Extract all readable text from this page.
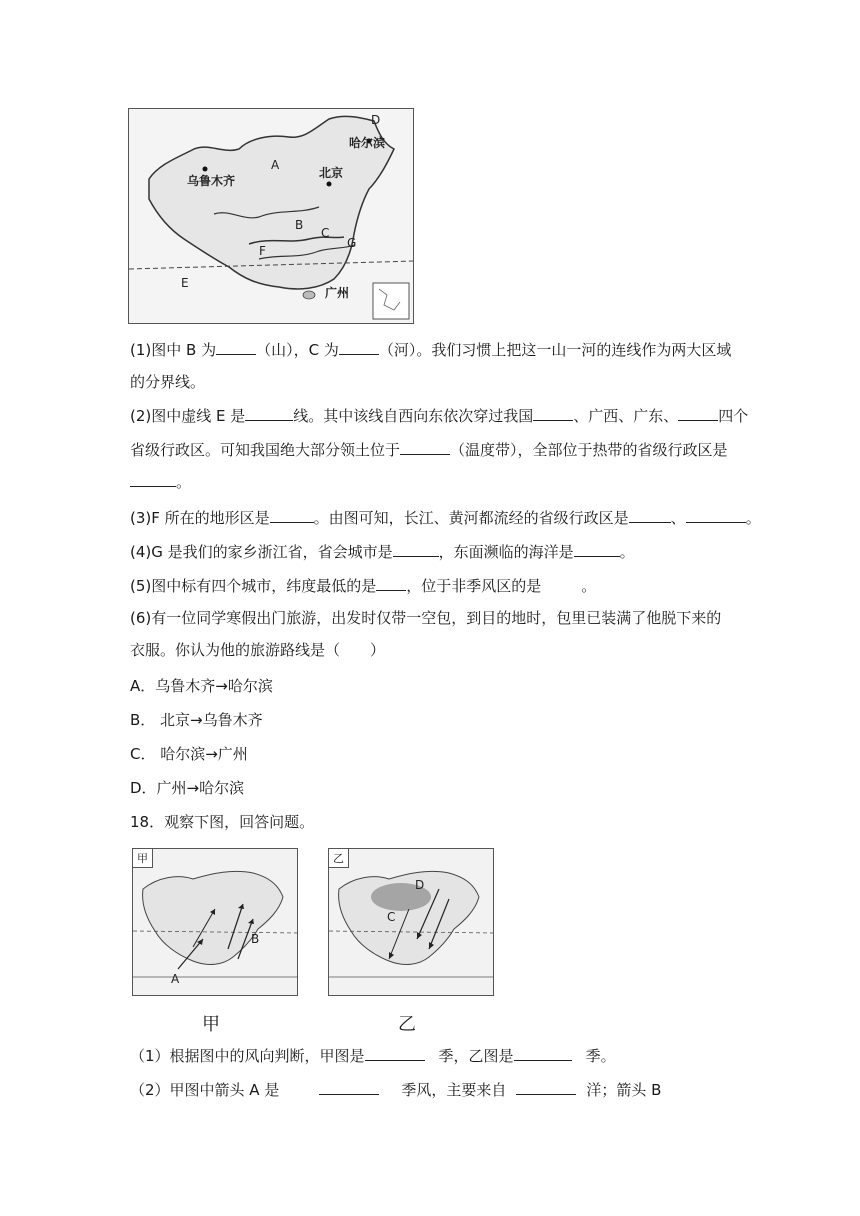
D
哈尔滨
A
北京
乌鲁木齐
B
C
G
F
E
广州
(1)图中 B 为	（山），C 为	（河）。我们习惯上把这一山一河的连线作为两大区域
的分界线。
(2)图中虚线 E 是	线。其中该线自西向东依次穿过我国	、广西、广东、	四个
省级行政区。可知我国绝大部分领土位于	（温度带），全部位于热带的省级行政区是
。
(3)F 所在的地形区是	。由图可知，长江、黄河都流经的省级行政区是	、	。
(4)G 是我们的家乡浙江省，省会城市是	，东面濒临的海洋是	。
(5)图中标有四个城市，纬度最低的是 ，位于非季风区的是	。
(6)有一位同学寒假出门旅游，出发时仅带一空包，到目的地时，包里已装满了他脱下来的
衣服。你认为他的旅游路线是（　　）
A．乌鲁木齐→哈尔滨
B． 北京→乌鲁木齐
C． 哈尔滨→广州
D．广州→哈尔滨
18．观察下图，回答问题。
甲
B
A
乙
D
C
甲	乙
（1）根据图中的风向判断，甲图是	季，乙图是	季。
（2）甲图中箭头 A 是	季风，主要来自	洋；箭头 B
